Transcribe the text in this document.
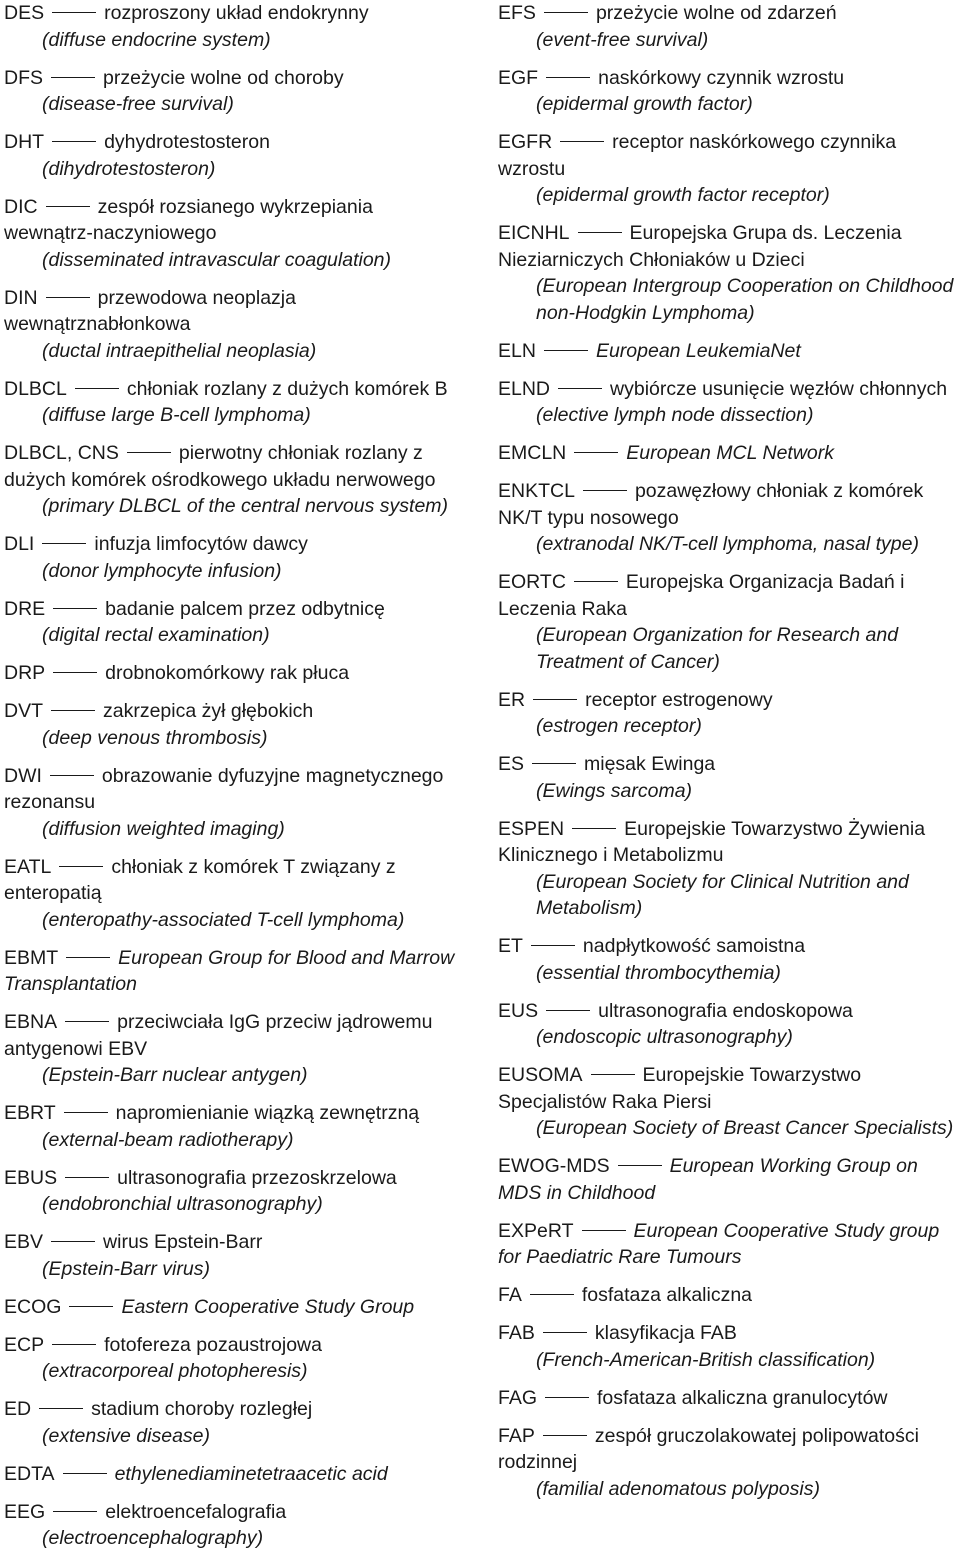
DES	rozproszony układ endokrynny
(diffuse endocrine system)
DFS	przeżycie wolne od choroby
(disease-free survival)
DHT	dyhydrotestosteron
(dihydrotestosteron)
DIC	zespół rozsianego wykrzepiania wewnątrz-naczyniowego
(disseminated intravascular coagulation)
DIN	przewodowa neoplazja wewnątrznabłonkowa
(ductal intraepithelial neoplasia)
DLBCL	chłoniak rozlany z dużych komórek B
(diffuse large B-cell lymphoma)
DLBCL, CNS	pierwotny chłoniak rozlany z dużych komórek ośrodkowego układu nerwowego
(primary DLBCL of the central nervous system)
DLI	infuzja limfocytów dawcy
(donor lymphocyte infusion)
DRE	badanie palcem przez odbytnicę
(digital rectal examination)
DRP	drobnokomórkowy rak płuca
DVT	zakrzepica żył głębokich
(deep venous thrombosis)
DWI	obrazowanie dyfuzyjne magnetycznego rezonansu
(diffusion weighted imaging)
EATL	chłoniak z komórek T związany z enteropatią
(enteropathy-associated T-cell lymphoma)
EBMT	European Group for Blood and Marrow Transplantation
EBNA	przeciwciała IgG przeciw jądrowemu antygenowi EBV
(Epstein-Barr nuclear antygen)
EBRT	napromienianie wiązką zewnętrzną
(external-beam radiotherapy)
EBUS	ultrasonografia przezoskrzelowa
(endobronchial ultrasonography)
EBV	wirus Epstein-Barr
(Epstein-Barr virus)
ECOG	Eastern Cooperative Study Group
ECP	fotofereza pozaustrojowa
(extracorporeal photopheresis)
ED	stadium choroby rozległej
(extensive disease)
EDTA	ethylenediaminetetraacetic acid
EEG	elektroencefalografia
(electroencephalography)
EFS	przeżycie wolne od zdarzeń
(event-free survival)
EGF	naskórkowy czynnik wzrostu
(epidermal growth factor)
EGFR	receptor naskórkowego czynnika wzrostu
(epidermal growth factor receptor)
EICNHL	Europejska Grupa ds. Leczenia Nieziarniczych Chłoniaków u Dzieci
(European Intergroup Cooperation on Childhood non-Hodgkin Lymphoma)
ELN	European LeukemiaNet
ELND	wybiórcze usunięcie węzłów chłonnych
(elective lymph node dissection)
EMCLN	European MCL Network
ENKTCL	pozawęzłowy chłoniak z komórek NK/T typu nosowego
(extranodal NK/T-cell lymphoma, nasal type)
EORTC	Europejska Organizacja Badań i Leczenia Raka
(European Organization for Research and Treatment of Cancer)
ER	receptor estrogenowy
(estrogen receptor)
ES	mięsak Ewinga
(Ewings sarcoma)
ESPEN	Europejskie Towarzystwo Żywienia Klinicznego i Metabolizmu
(European Society for Clinical Nutrition and Metabolism)
ET	nadpłytkowość samoistna
(essential thrombocythemia)
EUS	ultrasonografia endoskopowa
(endoscopic ultrasonography)
EUSOMA	Europejskie Towarzystwo Specjalistów Raka Piersi
(European Society of Breast Cancer Specialists)
EWOG-MDS	European Working Group on MDS in Childhood
EXPeRT	European Cooperative Study group for Paediatric Rare Tumours
FA	fosfataza alkaliczna
FAB	klasyfikacja FAB
(French-American-British classification)
FAG	fosfataza alkaliczna granulocytów
FAP	zespół gruczolakowatej polipowatości rodzinnej
(familial adenomatous polyposis)
